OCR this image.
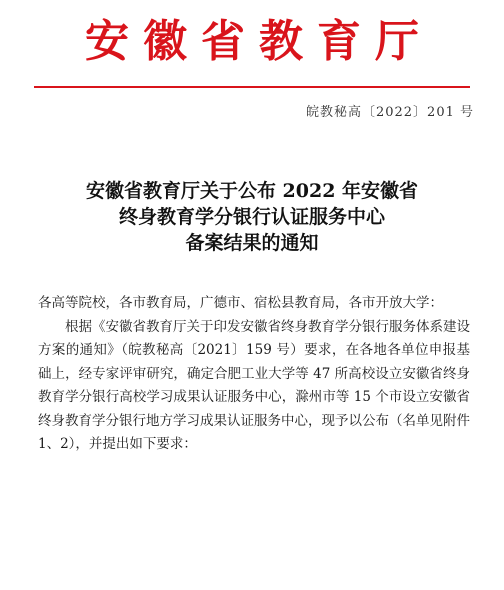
安徽省教育厅
皖教秘高〔2022〕201 号
安徽省教育厅关于公布 2022 年安徽省
终身教育学分银行认证服务中心
备案结果的通知

各高等院校，各市教育局，广德市、宿松县教育局，各市开放大学：

根据《安徽省教育厅关于印发安徽省终身教育学分银行服务体系建设方案的通知》（皖教秘高〔2021〕159 号）要求，在各地各单位申报基础上，经专家评审研究，确定合肥工业大学等 47 所高校设立安徽省终身教育学分银行高校学习成果认证服务中心，滁州市等 15 个市设立安徽省终身教育学分银行地方学习成果认证服务中心，现予以公布（名单见附件 1、2），并提出如下要求：
